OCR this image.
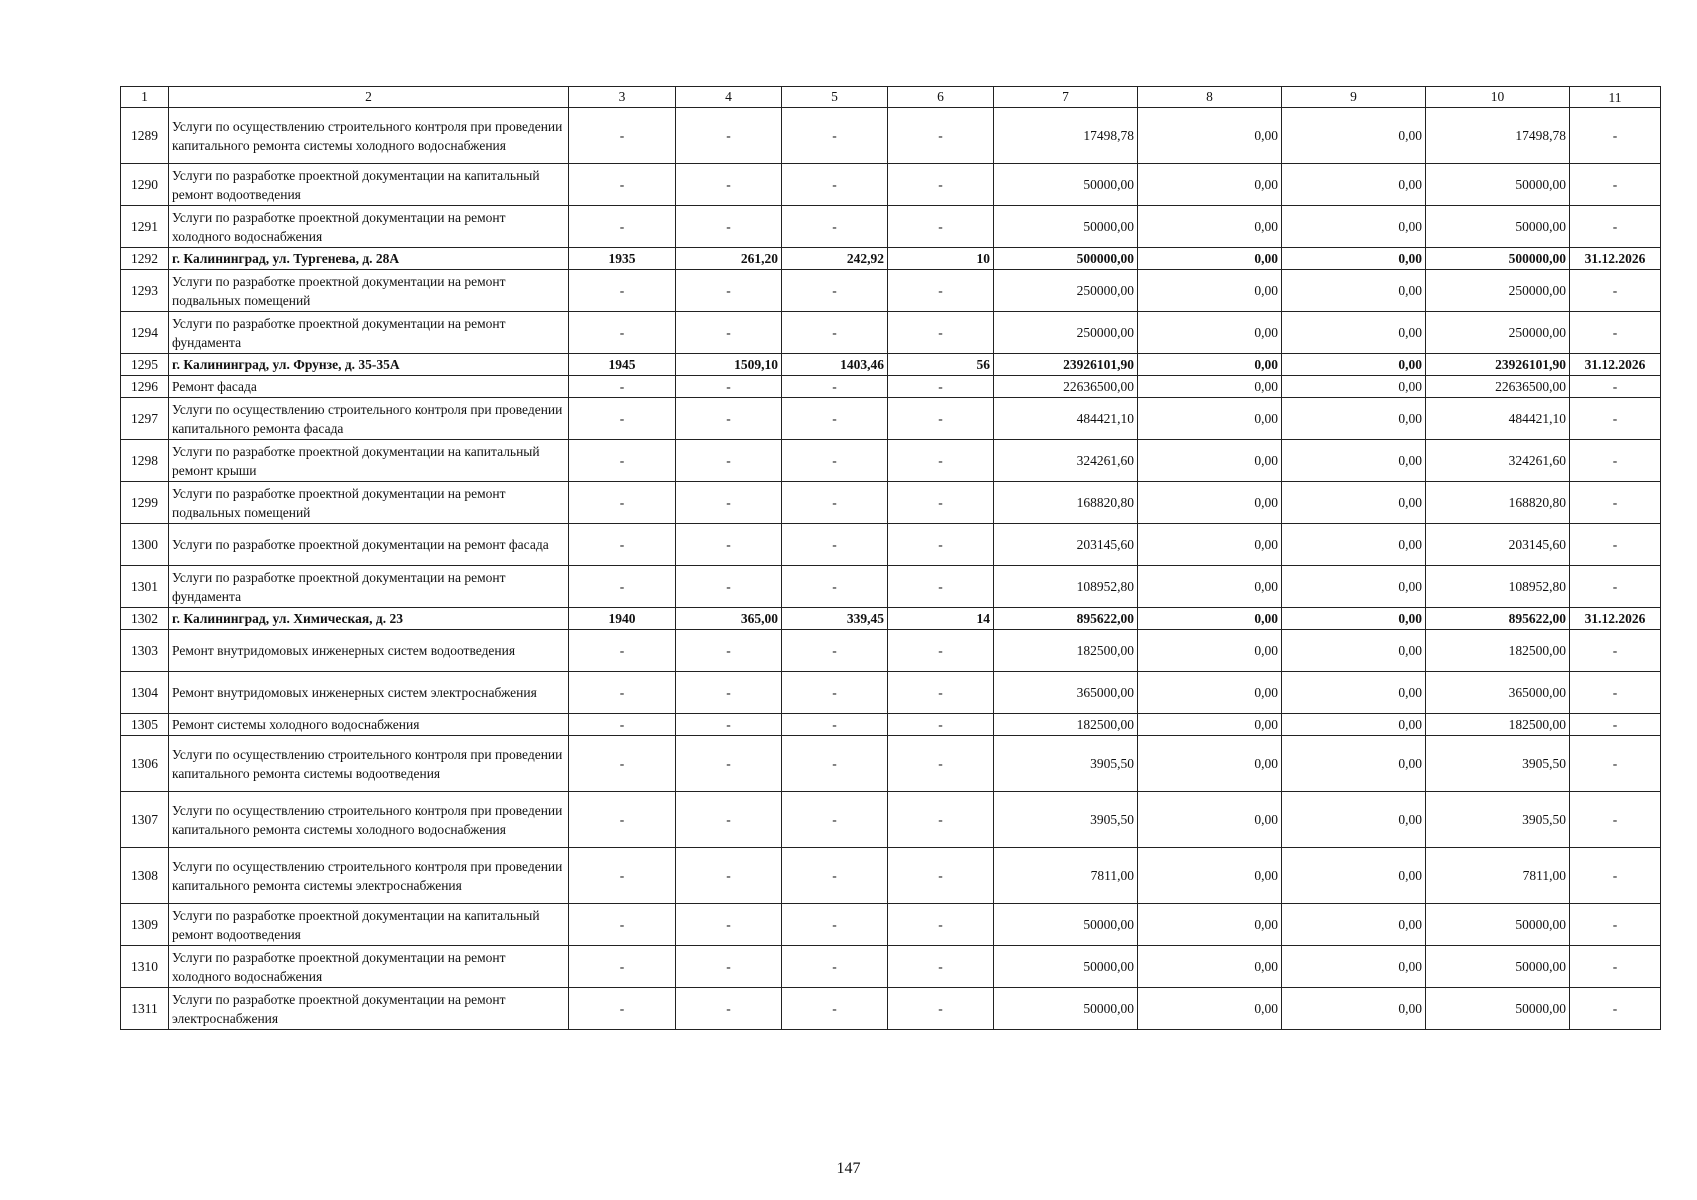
1	2	3	4	5	6	7	8	9	10	11
1289	Услуги по осуществлению строительного контроля при проведении капитального ремонта системы холодного водоснабжения	-	-	-	-	17498,78	0,00	0,00	17498,78	-
1290	Услуги по разработке проектной документации на капитальный ремонт водоотведения	-	-	-	-	50000,00	0,00	0,00	50000,00	-
1291	Услуги по разработке проектной документации на ремонт холодного водоснабжения	-	-	-	-	50000,00	0,00	0,00	50000,00	-
1292	г. Калининград, ул. Тургенева, д. 28А	1935	261,20	242,92	10	500000,00	0,00	0,00	500000,00	31.12.2026
1293	Услуги по разработке проектной документации на ремонт подвальных помещений	-	-	-	-	250000,00	0,00	0,00	250000,00	-
1294	Услуги по разработке проектной документации на ремонт фундамента	-	-	-	-	250000,00	0,00	0,00	250000,00	-
1295	г. Калининград, ул. Фрунзе, д. 35-35А	1945	1509,10	1403,46	56	23926101,90	0,00	0,00	23926101,90	31.12.2026
1296	Ремонт фасада	-	-	-	-	22636500,00	0,00	0,00	22636500,00	-
1297	Услуги по осуществлению строительного контроля при проведении капитального ремонта фасада	-	-	-	-	484421,10	0,00	0,00	484421,10	-
1298	Услуги по разработке проектной документации на капитальный ремонт крыши	-	-	-	-	324261,60	0,00	0,00	324261,60	-
1299	Услуги по разработке проектной документации на ремонт подвальных помещений	-	-	-	-	168820,80	0,00	0,00	168820,80	-
1300	Услуги по разработке проектной документации на ремонт фасада	-	-	-	-	203145,60	0,00	0,00	203145,60	-
1301	Услуги по разработке проектной документации на ремонт фундамента	-	-	-	-	108952,80	0,00	0,00	108952,80	-
1302	г. Калининград, ул. Химическая, д. 23	1940	365,00	339,45	14	895622,00	0,00	0,00	895622,00	31.12.2026
1303	Ремонт внутридомовых инженерных систем водоотведения	-	-	-	-	182500,00	0,00	0,00	182500,00	-
1304	Ремонт внутридомовых инженерных систем электроснабжения	-	-	-	-	365000,00	0,00	0,00	365000,00	-
1305	Ремонт системы холодного водоснабжения	-	-	-	-	182500,00	0,00	0,00	182500,00	-
1306	Услуги по осуществлению строительного контроля при проведении капитального ремонта системы водоотведения	-	-	-	-	3905,50	0,00	0,00	3905,50	-
1307	Услуги по осуществлению строительного контроля при проведении капитального ремонта системы холодного водоснабжения	-	-	-	-	3905,50	0,00	0,00	3905,50	-
1308	Услуги по осуществлению строительного контроля при проведении капитального ремонта системы электроснабжения	-	-	-	-	7811,00	0,00	0,00	7811,00	-
1309	Услуги по разработке проектной документации на капитальный ремонт водоотведения	-	-	-	-	50000,00	0,00	0,00	50000,00	-
1310	Услуги по разработке проектной документации на ремонт холодного водоснабжения	-	-	-	-	50000,00	0,00	0,00	50000,00	-
1311	Услуги по разработке проектной документации на ремонт электроснабжения	-	-	-	-	50000,00	0,00	0,00	50000,00	-
147
